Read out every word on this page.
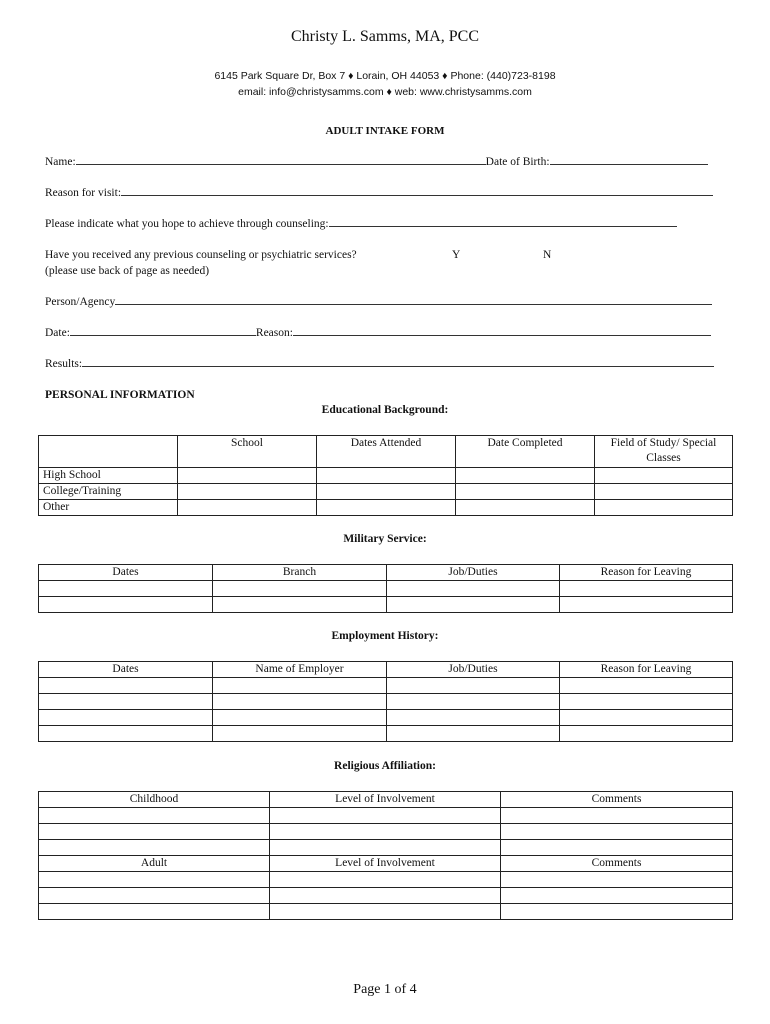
Christy L. Samms, MA, PCC
6145 Park Square Dr, Box 7 ♦ Lorain, OH 44053 ♦ Phone: (440)723-8198
email: info@christysamms.com ♦ web: www.christysamms.com
ADULT INTAKE FORM
Name:	Date of Birth:
Reason for visit:
Please indicate what you hope to achieve through counseling:
Have you received any previous counseling or psychiatric services?	Y	N
(please use back of page as needed)
Person/Agency
Date:	Reason:
Results:
PERSONAL INFORMATION
Educational Background:
	School	Dates Attended	Date Completed	Field of Study/ Special Classes
High School				
College/Training				
Other				
Military Service:
Dates	Branch	Job/Duties	Reason for Leaving

Employment History:
Dates	Name of Employer	Job/Duties	Reason for Leaving

Religious Affiliation:
Childhood	Level of Involvement	Comments

Adult	Level of Involvement	Comments

Page 1 of 4
